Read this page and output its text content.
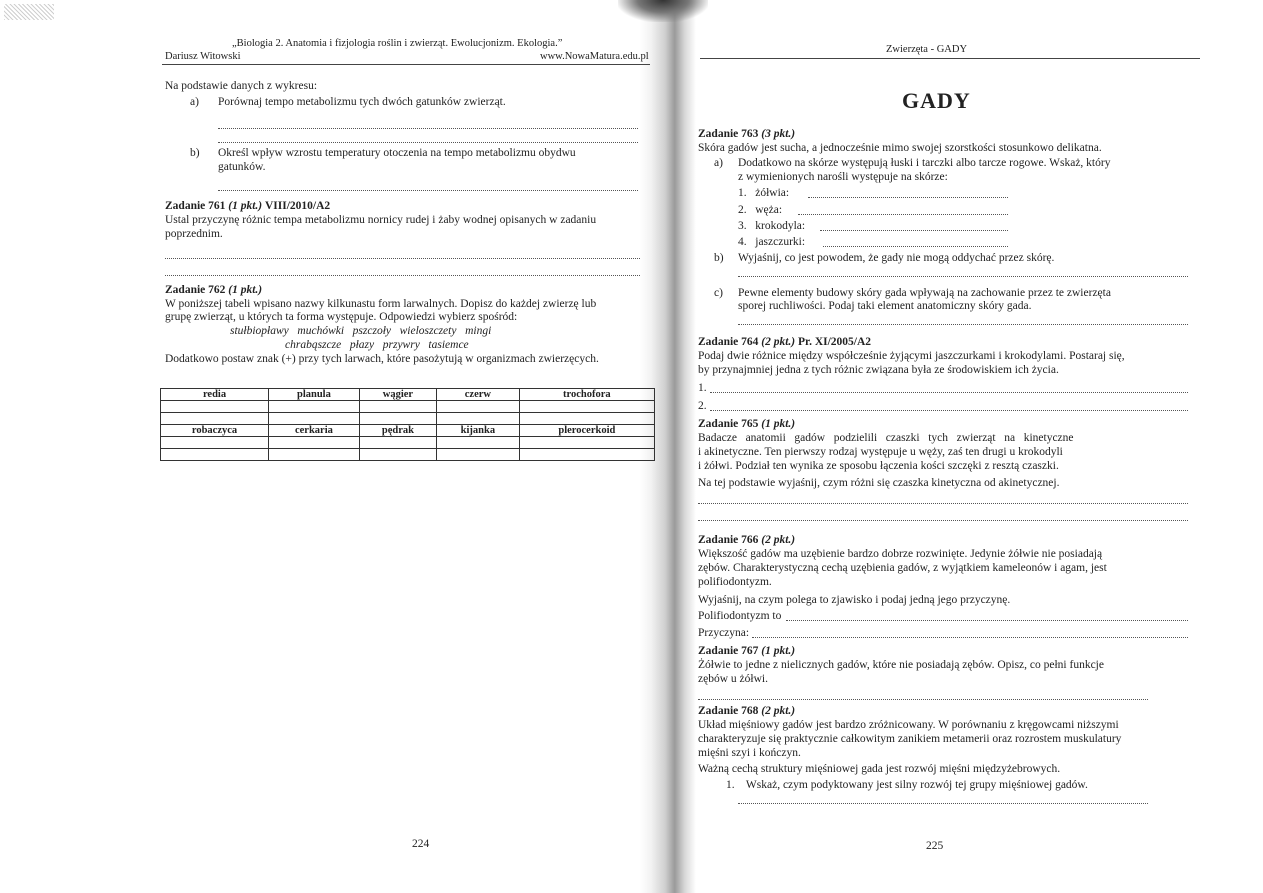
„Biologia 2. Anatomia i fizjologia roślin i zwierząt. Ewolucjonizm. Ekologia.”
Dariusz Witowski	www.NowaMatura.edu.pl
Na podstawie danych z wykresu:
a) Porównaj tempo metabolizmu tych dwóch gatunków zwierząt.
b) Określ wpływ wzrostu temperatury otoczenia na tempo metabolizmu obydwu
gatunków.
Zadanie 761 (1 pkt.) VIII/2010/A2
Ustal przyczynę różnic tempa metabolizmu nornicy rudej i żaby wodnej opisanych w zadaniu
poprzednim.
Zadanie 762 (1 pkt.)
W poniższej tabeli wpisano nazwy kilkunastu form larwalnych. Dopisz do każdej zwierzę lub
grupę zwierząt, u których ta forma występuje. Odpowiedzi wybierz spośród:
stułbiopławy   muchówki   pszczoły   wieloszczety   mingi
chrabąszcze   płazy   przywry   tasiemce
Dodatkowo postaw znak (+) przy tych larwach, które pasożytują w organizmach zwierzęcych.
redia	planula	wągier	czerw	trochofora

robaczyca	cerkaria	pędrak	kijanka	plerocerkoid

224
Zwierzęta - GADY
GADY
Zadanie 763 (3 pkt.)
Skóra gadów jest sucha, a jednocześnie mimo swojej szorstkości stosunkowo delikatna.
a) Dodatkowo na skórze występują łuski i tarczki albo tarcze rogowe. Wskaż, który
z wymienionych narośli występuje na skórze:
1.   żółwia:
2.   węża:
3.   krokodyla:
4.   jaszczurki:
b) Wyjaśnij, co jest powodem, że gady nie mogą oddychać przez skórę.
c) Pewne elementy budowy skóry gada wpływają na zachowanie przez te zwierzęta
sporej ruchliwości. Podaj taki element anatomiczny skóry gada.
Zadanie 764 (2 pkt.) Pr. XI/2005/A2
Podaj dwie różnice między współcześnie żyjącymi jaszczurkami i krokodylami. Postaraj się,
by przynajmniej jedna z tych różnic związana była ze środowiskiem ich życia.
1.
2.
Zadanie 765 (1 pkt.)
Badacze   anatomii   gadów   podzielili   czaszki   tych   zwierząt   na   kinetyczne
i akinetyczne. Ten pierwszy rodzaj występuje u węży, zaś ten drugi u krokodyli
i żółwi. Podział ten wynika ze sposobu łączenia kości szczęki z resztą czaszki.
Na tej podstawie wyjaśnij, czym różni się czaszka kinetyczna od akinetycznej.
Zadanie 766 (2 pkt.)
Większość gadów ma uzębienie bardzo dobrze rozwinięte. Jedynie żółwie nie posiadają
zębów. Charakterystyczną cechą uzębienia gadów, z wyjątkiem kameleonów i agam, jest
polifiodontyzm.
Wyjaśnij, na czym polega to zjawisko i podaj jedną jego przyczynę.
Polifiodontyzm to
Przyczyna:
Zadanie 767 (1 pkt.)
Żółwie to jedne z nielicznych gadów, które nie posiadają zębów. Opisz, co pełni funkcje
zębów u żółwi.
Zadanie 768 (2 pkt.)
Układ mięśniowy gadów jest bardzo zróżnicowany. W porównaniu z kręgowcami niższymi
charakteryzuje się praktycznie całkowitym zanikiem metamerii oraz rozrostem muskulatury
mięśni szyi i kończyn.
Ważną cechą struktury mięśniowej gada jest rozwój mięśni międzyżebrowych.
1.    Wskaż, czym podyktowany jest silny rozwój tej grupy mięśniowej gadów.
225
